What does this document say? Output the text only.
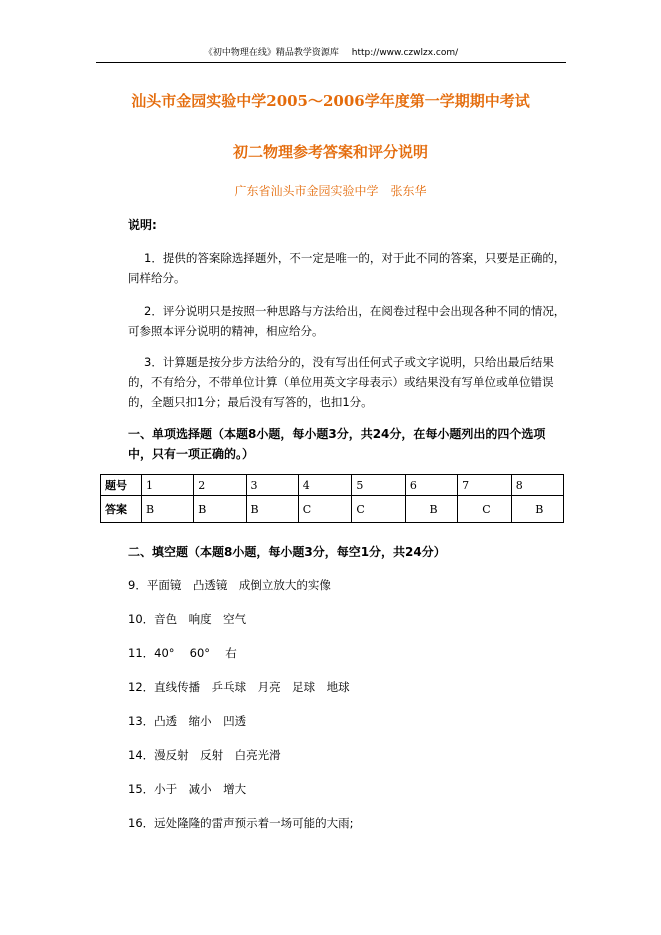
《初中物理在线》精品教学资源库 http://www.czwlzx.com/
汕头市金园实验中学2005～2006学年度第一学期期中考试
初二物理参考答案和评分说明
广东省汕头市金园实验中学　张东华
说明:
1．提供的答案除选择题外，不一定是唯一的，对于此不同的答案，只要是正确的，同样给分。
2．评分说明只是按照一种思路与方法给出，在阅卷过程中会出现各种不同的情况，可参照本评分说明的精神，相应给分。
3．计算题是按分步方法给分的，没有写出任何式子或文字说明，只给出最后结果的，不有给分，不带单位计算（单位用英文字母表示）或结果没有写单位或单位错误的，全题只扣1分；最后没有写答的，也扣1分。
一、单项选择题（本题8小题，每小题3分，共24分，在每小题列出的四个选项中，只有一项正确的。）
题号	1	2	3	4	5	6	7	8
答案	B	B	B	C	C	B	C	B
二、填空题（本题8小题，每小题3分，每空1分，共24分）
9．平面镜　凸透镜　成倒立放大的实像
10．音色　响度　空气
11．40°　 60°　 右
12．直线传播　乒乓球　月亮　足球　地球
13．凸透　缩小　凹透
14．漫反射　反射　白亮光滑
15．小于　减小　增大
16．远处隆隆的雷声预示着一场可能的大雨;
